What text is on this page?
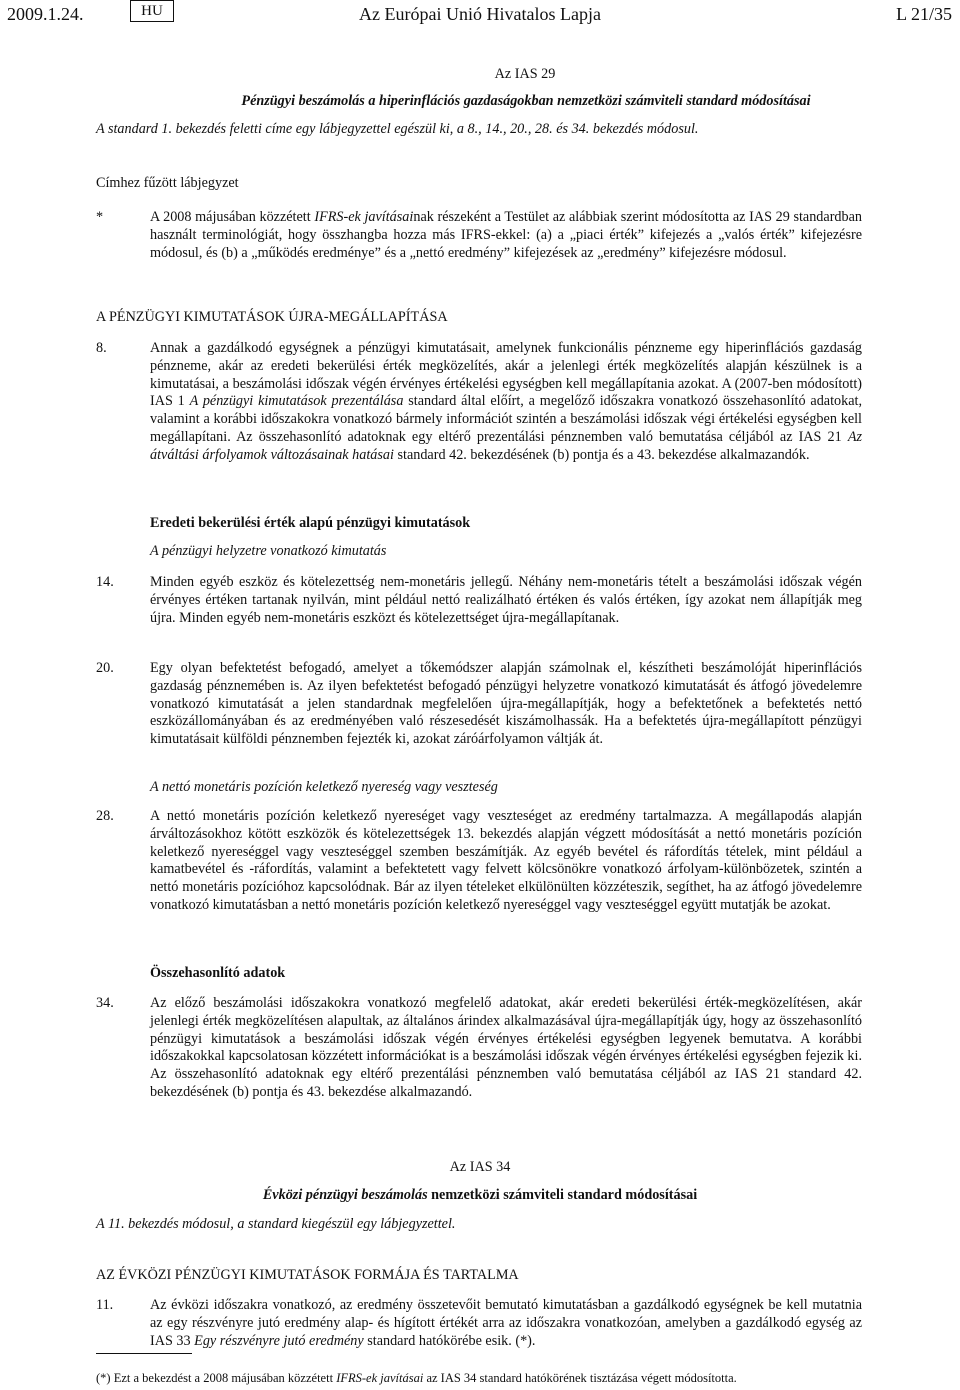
2009.1.24.	HU	Az Európai Unió Hivatalos Lapja	L 21/35
Az IAS 29
Pénzügyi beszámolás a hiperinflációs gazdaságokban nemzetközi számviteli standard módosításai
A standard 1. bekezdés feletti címe egy lábjegyzettel egészül ki, a 8., 14., 20., 28. és 34. bekezdés módosul.
Címhez fűzött lábjegyzet
*	A 2008 májusában közzétett IFRS-ek javításainak részeként a Testület az alábbiak szerint módosította az IAS 29 standardban használt terminológiát, hogy összhangba hozza más IFRS-ekkel: (a) a „piaci érték” kifejezés a „valós érték” kifejezésre módosul, és (b) a „működés eredménye” és a „nettó eredmény” kifejezések az „eredmény” kifejezésre módosul.
A PÉNZÜGYI KIMUTATÁSOK ÚJRA-MEGÁLLAPÍTÁSA
8.	Annak a gazdálkodó egységnek a pénzügyi kimutatásait, amelynek funkcionális pénzneme egy hiperinflációs gazdaság pénzneme, akár az eredeti bekerülési érték megközelítés, akár a jelenlegi érték megközelítés alapján készülnek is a kimutatásai, a beszámolási időszak végén érvényes értékelési egységben kell megállapítania azokat. A (2007-ben módosított) IAS 1 A pénzügyi kimutatások prezentálása standard által előírt, a megelőző időszakra vonatkozó összehasonlító adatokat, valamint a korábbi időszakokra vonatkozó bármely információt szintén a beszámolási időszak végi értékelési egységben kell megállapítani. Az összehasonlító adatoknak egy eltérő prezentálási pénznemben való bemutatása céljából az IAS 21 Az átváltási árfolyamok változásainak hatásai standard 42. bekezdésének (b) pontja és a 43. bekezdése alkalmazandók.
Eredeti bekerülési érték alapú pénzügyi kimutatások
A pénzügyi helyzetre vonatkozó kimutatás
14.	Minden egyéb eszköz és kötelezettség nem-monetáris jellegű. Néhány nem-monetáris tételt a beszámolási időszak végén érvényes értéken tartanak nyilván, mint például nettó realizálható értéken és valós értéken, így azokat nem állapítják meg újra. Minden egyéb nem-monetáris eszközt és kötelezettséget újra-megállapítanak.
20.	Egy olyan befektetést befogadó, amelyet a tőkemódszer alapján számolnak el, készítheti beszámolóját hiperinflációs gazdaság pénznemében is. Az ilyen befektetést befogadó pénzügyi helyzetre vonatkozó kimutatását és átfogó jövedelemre vonatkozó kimutatását a jelen standardnak megfelelően újra-megállapítják, hogy a befektetőnek a befektetés nettó eszközállományában és az eredményében való részesedését kiszámolhassák. Ha a befektetés újra-megállapított pénzügyi kimutatásait külföldi pénznemben fejezték ki, azokat záróárfolyamon váltják át.
A nettó monetáris pozíción keletkező nyereség vagy veszteség
28.	A nettó monetáris pozíción keletkező nyereséget vagy veszteséget az eredmény tartalmazza. A megállapodás alapján árváltozásokhoz kötött eszközök és kötelezettségek 13. bekezdés alapján végzett módosítását a nettó monetáris pozíción keletkező nyereséggel vagy veszteséggel szemben beszámítják. Az egyéb bevétel és ráfordítás tételek, mint például a kamatbevétel és -ráfordítás, valamint a befektetett vagy felvett kölcsönökre vonatkozó árfolyam-különbözetek, szintén a nettó monetáris pozícióhoz kapcsolódnak. Bár az ilyen tételeket elkülönülten közzéteszik, segíthet, ha az átfogó jövedelemre vonatkozó kimutatásban a nettó monetáris pozíción keletkező nyereséggel vagy veszteséggel együtt mutatják be azokat.
Összehasonlító adatok
34.	Az előző beszámolási időszakokra vonatkozó megfelelő adatokat, akár eredeti bekerülési érték-megközelítésen, akár jelenlegi érték megközelítésen alapultak, az általános árindex alkalmazásával újra-megállapítják úgy, hogy az összehasonlító pénzügyi kimutatások a beszámolási időszak végén érvényes értékelési egységben legyenek bemutatva. A korábbi időszakokkal kapcsolatosan közzétett információkat is a beszámolási időszak végén érvényes értékelési egységben fejezik ki. Az összehasonlító adatoknak egy eltérő prezentálási pénznemben való bemutatása céljából az IAS 21 standard 42. bekezdésének (b) pontja és 43. bekezdése alkalmazandó.
Az IAS 34
Évközi pénzügyi beszámolás nemzetközi számviteli standard módosításai
A 11. bekezdés módosul, a standard kiegészül egy lábjegyzettel.
AZ ÉVKÖZI PÉNZÜGYI KIMUTATÁSOK FORMÁJA ÉS TARTALMA
11.	Az évközi időszakra vonatkozó, az eredmény összetevőit bemutató kimutatásban a gazdálkodó egységnek be kell mutatnia az egy részvényre jutó eredmény alap- és hígított értékét arra az időszakra vonatkozóan, amelyben a gazdálkodó egység az IAS 33 Egy részvényre jutó eredmény standard hatókörébe esik. (*).
(*) Ezt a bekezdést a 2008 májusában közzétett IFRS-ek javításai az IAS 34 standard hatókörének tisztázása végett módosította.
